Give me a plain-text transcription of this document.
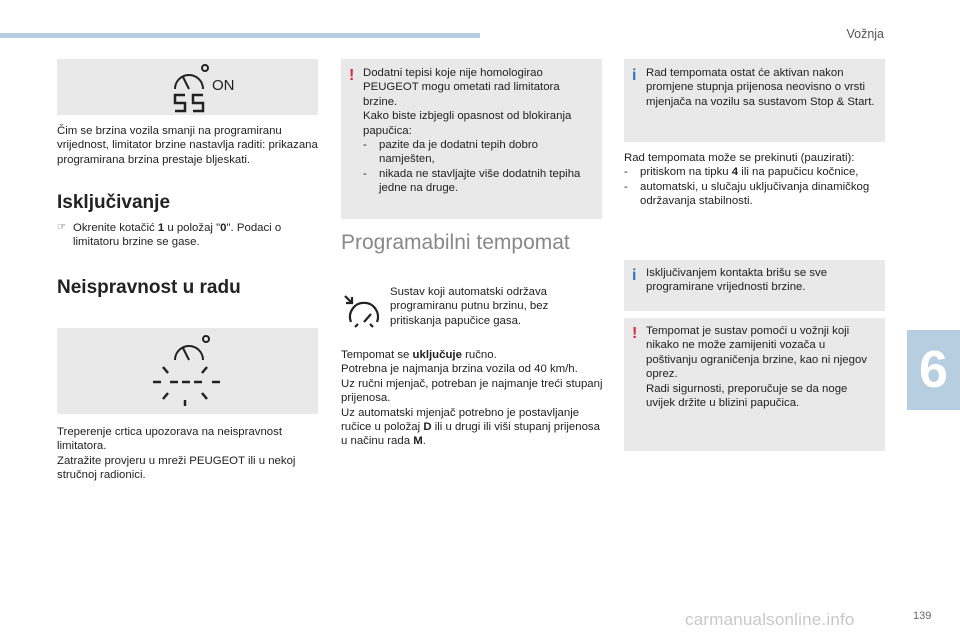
Vožnja
6
ON
Čim se brzina vozila smanji na programiranu vrijednost, limitator brzine nastavlja raditi: prikazana programirana brzina prestaje bljeskati.
Isključivanje
☞ Okrenite kotačić 1 u položaj "0". Podaci o limitatoru brzine se gase.
Neispravnost u radu

Treperenje crtica upozorava na neispravnost limitatora.

Zatražite provjeru u mreži PEUGEOT ili u nekoj stručnoj radionici.

! Dodatni tepisi koje nije homologirao PEUGEOT mogu ometati rad limitatora brzine.

Kako biste izbjegli opasnost od blokiranja papučica:

- pazite da je dodatni tepih dobro namješten,
- nikada ne stavljajte više dodatnih tepiha jedne na druge.
Programabilni tempomat
Sustav koji automatski održava programiranu putnu brzinu, bez pritiskanja papučice gasa.

Tempomat se uključuje ručno.

Potrebna je najmanja brzina vozila od 40 km/h.

Uz ručni mjenjač, potreban je najmanje treći stupanj prijenosa.

Uz automatski mjenjač potrebno je postavljanje ručice u položaj D ili u drugi ili viši stupanj prijenosa u načinu rada M.

i Rad tempomata ostat će aktivan nakon promjene stupnja prijenosa neovisno o vrsti mjenjača na vozilu sa sustavom Stop & Start.

Rad tempomata može se prekinuti (pauzirati):

- pritiskom na tipku 4 ili na papučicu kočnice,
- automatski, u slučaju uključivanja dinamičkog održavanja stabilnosti.
i Isključivanjem kontakta brišu se sve programirane vrijednosti brzine.
! Tempomat je sustav pomoći u vožnji koji nikako ne može zamijeniti vozača u poštivanju ograničenja brzine, kao ni njegov oprez.

Radi sigurnosti, preporučuje se da noge uvijek držite u blizini papučica.

carmanualsonline.info	139
